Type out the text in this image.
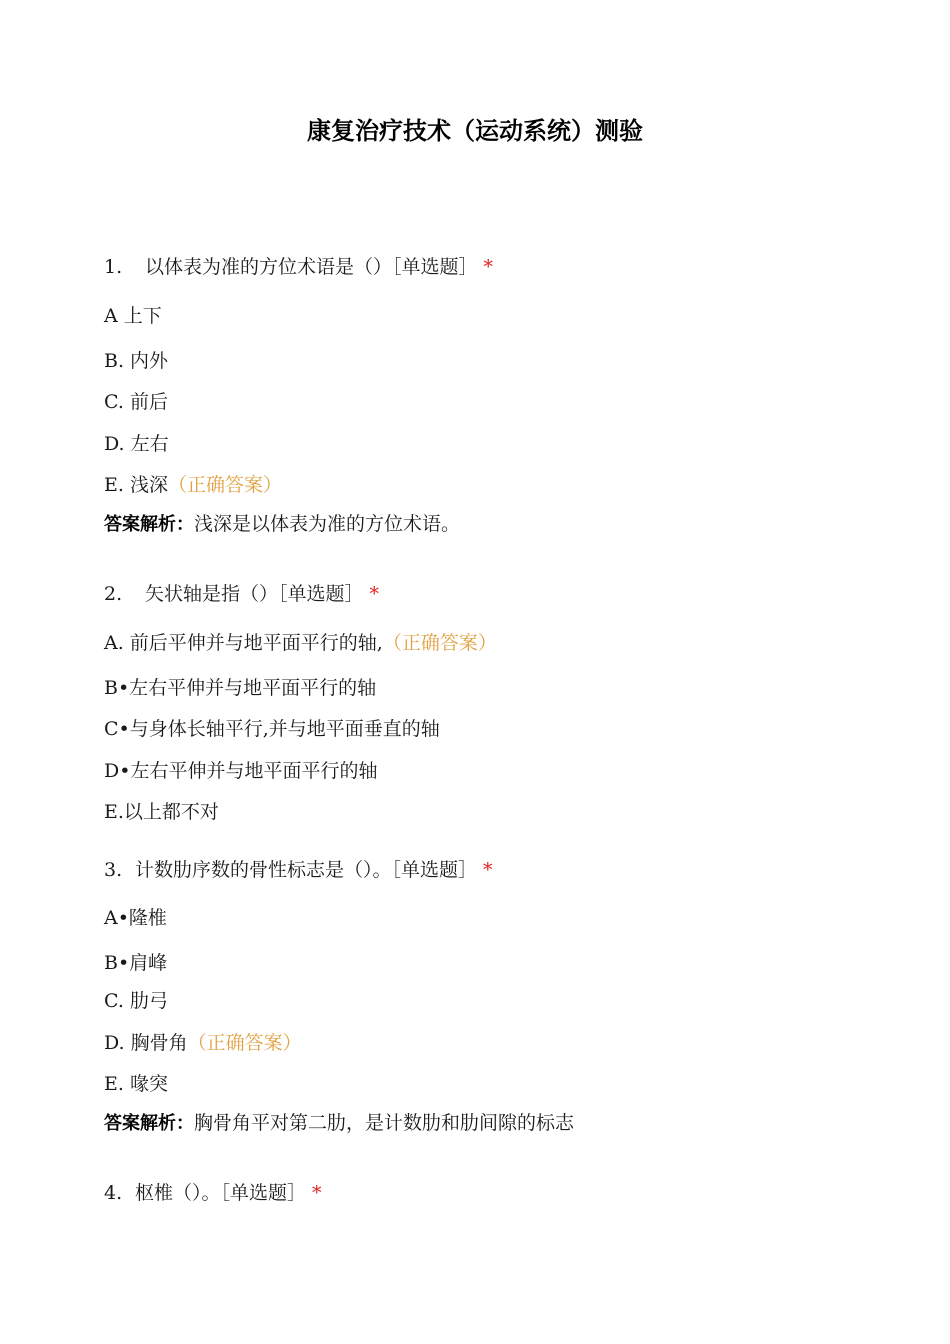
康复治疗技术（运动系统）测验
1. 以体表为准的方位术语是（）［单选题］ *
A 上下
B. 内外
C. 前后
D. 左右
E. 浅深（正确答案）
答案解析：浅深是以体表为准的方位术语。
2. 矢状轴是指（）［单选题］ *
A. 前后平伸并与地平面平行的轴,（正确答案）
B•左右平伸并与地平面平行的轴
C•与身体长轴平行,并与地平面垂直的轴
D•左右平伸并与地平面平行的轴
E.以上都不对
3. 计数肋序数的骨性标志是（）。［单选题］ *
A•隆椎
B•肩峰
C. 肋弓
D. 胸骨角（正确答案）
E. 喙突
答案解析：胸骨角平对第二肋，是计数肋和肋间隙的标志
4. 枢椎（）。［单选题］ *
